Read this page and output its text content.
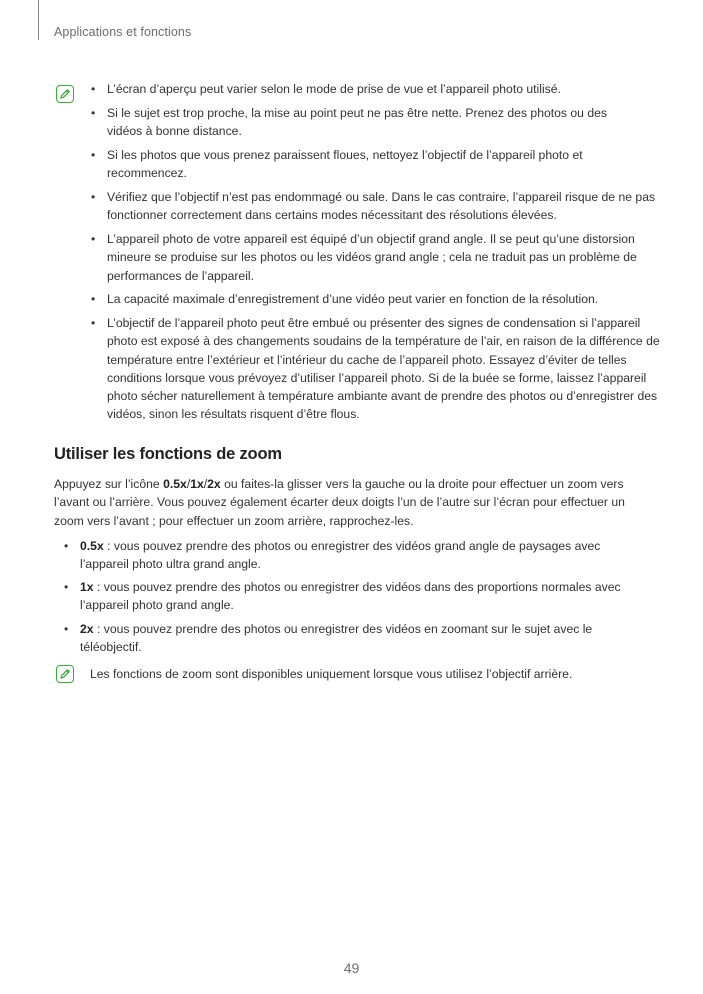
Applications et fonctions
• L’écran d’aperçu peut varier selon le mode de prise de vue et l’appareil photo utilisé.
• Si le sujet est trop proche, la mise au point peut ne pas être nette. Prenez des photos ou des vidéos à bonne distance.
• Si les photos que vous prenez paraissent floues, nettoyez l’objectif de l’appareil photo et recommencez.
• Vérifiez que l’objectif n’est pas endommagé ou sale. Dans le cas contraire, l’appareil risque de ne pas fonctionner correctement dans certains modes nécessitant des résolutions élevées.
• L’appareil photo de votre appareil est équipé d’un objectif grand angle. Il se peut qu’une distorsion mineure se produise sur les photos ou les vidéos grand angle ; cela ne traduit pas un problème de performances de l’appareil.
• La capacité maximale d’enregistrement d’une vidéo peut varier en fonction de la résolution.
• L’objectif de l’appareil photo peut être embué ou présenter des signes de condensation si l’appareil photo est exposé à des changements soudains de la température de l’air, en raison de la différence de température entre l’extérieur et l’intérieur du cache de l’appareil photo. Essayez d’éviter de telles conditions lorsque vous prévoyez d’utiliser l’appareil photo. Si de la buée se forme, laissez l’appareil photo sécher naturellement à température ambiante avant de prendre des photos ou d’enregistrer des vidéos, sinon les résultats risquent d’être flous.
Utiliser les fonctions de zoom
Appuyez sur l’icône 0.5x/1x/2x ou faites-la glisser vers la gauche ou la droite pour effectuer un zoom vers l’avant ou l’arrière. Vous pouvez également écarter deux doigts l’un de l’autre sur l’écran pour effectuer un zoom vers l’avant ; pour effectuer un zoom arrière, rapprochez-les.
• 0.5x : vous pouvez prendre des photos ou enregistrer des vidéos grand angle de paysages avec l’appareil photo ultra grand angle.
• 1x : vous pouvez prendre des photos ou enregistrer des vidéos dans des proportions normales avec l’appareil photo grand angle.
• 2x : vous pouvez prendre des photos ou enregistrer des vidéos en zoomant sur le sujet avec le téléobjectif.
Les fonctions de zoom sont disponibles uniquement lorsque vous utilisez l’objectif arrière.
49
